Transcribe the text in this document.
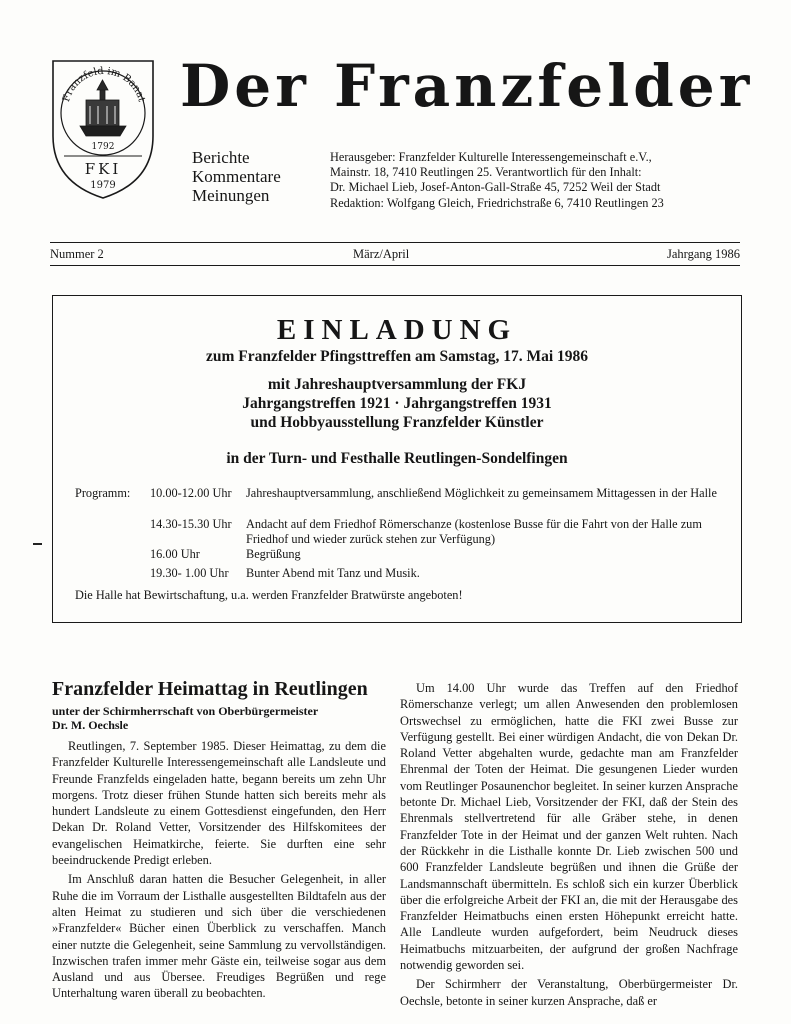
Franzfeld im Banat
1792
FKI
1979
Der Franzfelder
Berichte
Kommentare
Meinungen
Herausgeber: Franzfelder Kulturelle Interessengemeinschaft e.V.,
Mainstr. 18, 7410 Reutlingen 25. Verantwortlich für den Inhalt:
Dr. Michael Lieb, Josef-Anton-Gall-Straße 45, 7252 Weil der Stadt
Redaktion: Wolfgang Gleich, Friedrichstraße 6, 7410 Reutlingen 23
Nummer 2	März/April	Jahrgang 1986
EINLADUNG
zum Franzfelder Pfingsttreffen am Samstag, 17. Mai 1986
mit Jahreshauptversammlung der FKJ
Jahrgangstreffen 1921 · Jahrgangstreffen 1931
und Hobbyausstellung Franzfelder Künstler
in der Turn- und Festhalle Reutlingen-Sondelfingen
Programm: 10.00-12.00 Uhr Jahreshauptversammlung, anschließend Möglichkeit zu gemeinsamem Mittagessen in der Halle
14.30-15.30 Uhr Andacht auf dem Friedhof Römerschanze (kostenlose Busse für die Fahrt von der Halle zum Friedhof und wieder zurück stehen zur Verfügung)
16.00 Uhr	Begrüßung
19.30- 1.00 Uhr Bunter Abend mit Tanz und Musik.
Die Halle hat Bewirtschaftung, u.a. werden Franzfelder Bratwürste angeboten!
Franzfelder Heimattag in Reutlingen
unter der Schirmherrschaft von Oberbürgermeister
Dr. M. Oechsle

Reutlingen, 7. September 1985. Dieser Heimattag, zu dem die Franzfelder Kulturelle Interessengemeinschaft alle Landsleute und Freunde Franzfelds eingeladen hatte, begann bereits um zehn Uhr morgens. Trotz dieser frühen Stunde hatten sich bereits mehr als hundert Landsleute zu einem Gottesdienst eingefunden, den Herr Dekan Dr. Roland Vetter, Vorsitzender des Hilfskomitees der evangelischen Heimatkirche, feierte. Sie durften eine sehr beeindruckende Predigt erleben.

Im Anschluß daran hatten die Besucher Gelegenheit, in aller Ruhe die im Vorraum der Listhalle ausgestellten Bildtafeln aus der alten Heimat zu studieren und sich über die verschiedenen »Franzfelder« Bücher einen Überblick zu verschaffen. Manch einer nutzte die Gelegenheit, seine Sammlung zu vervollständigen. Inzwischen trafen immer mehr Gäste ein, teilweise sogar aus dem Ausland und aus Übersee. Freudiges Begrüßen und rege Unterhaltung waren überall zu beobachten.

Um 14.00 Uhr wurde das Treffen auf den Friedhof Römerschanze verlegt; um allen Anwesenden den problemlosen Ortswechsel zu ermöglichen, hatte die FKI zwei Busse zur Verfügung gestellt. Bei einer würdigen Andacht, die von Dekan Dr. Roland Vetter abgehalten wurde, gedachte man am Franzfelder Ehrenmal der Toten der Heimat. Die gesungenen Lieder wurden vom Reutlinger Posaunenchor begleitet. In seiner kurzen Ansprache betonte Dr. Michael Lieb, Vorsitzender der FKI, daß der Stein des Ehrenmals stellvertretend für alle Gräber stehe, in denen Franzfelder Tote in der Heimat und der ganzen Welt ruhten. Nach der Rückkehr in die Listhalle konnte Dr. Lieb zwischen 500 und 600 Franzfelder Landsleute begrüßen und ihnen die Grüße der Landsmannschaft übermitteln. Es schloß sich ein kurzer Überblick über die erfolgreiche Arbeit der FKI an, die mit der Herausgabe des Franzfelder Heimatbuchs einen ersten Höhepunkt erreicht hatte. Alle Landleute wurden aufgefordert, beim Neudruck dieses Heimatbuchs mitzuarbeiten, der aufgrund der großen Nachfrage notwendig geworden sei.

Der Schirmherr der Veranstaltung, Oberbürgermeister Dr. Oechsle, betonte in seiner kurzen Ansprache, daß er
